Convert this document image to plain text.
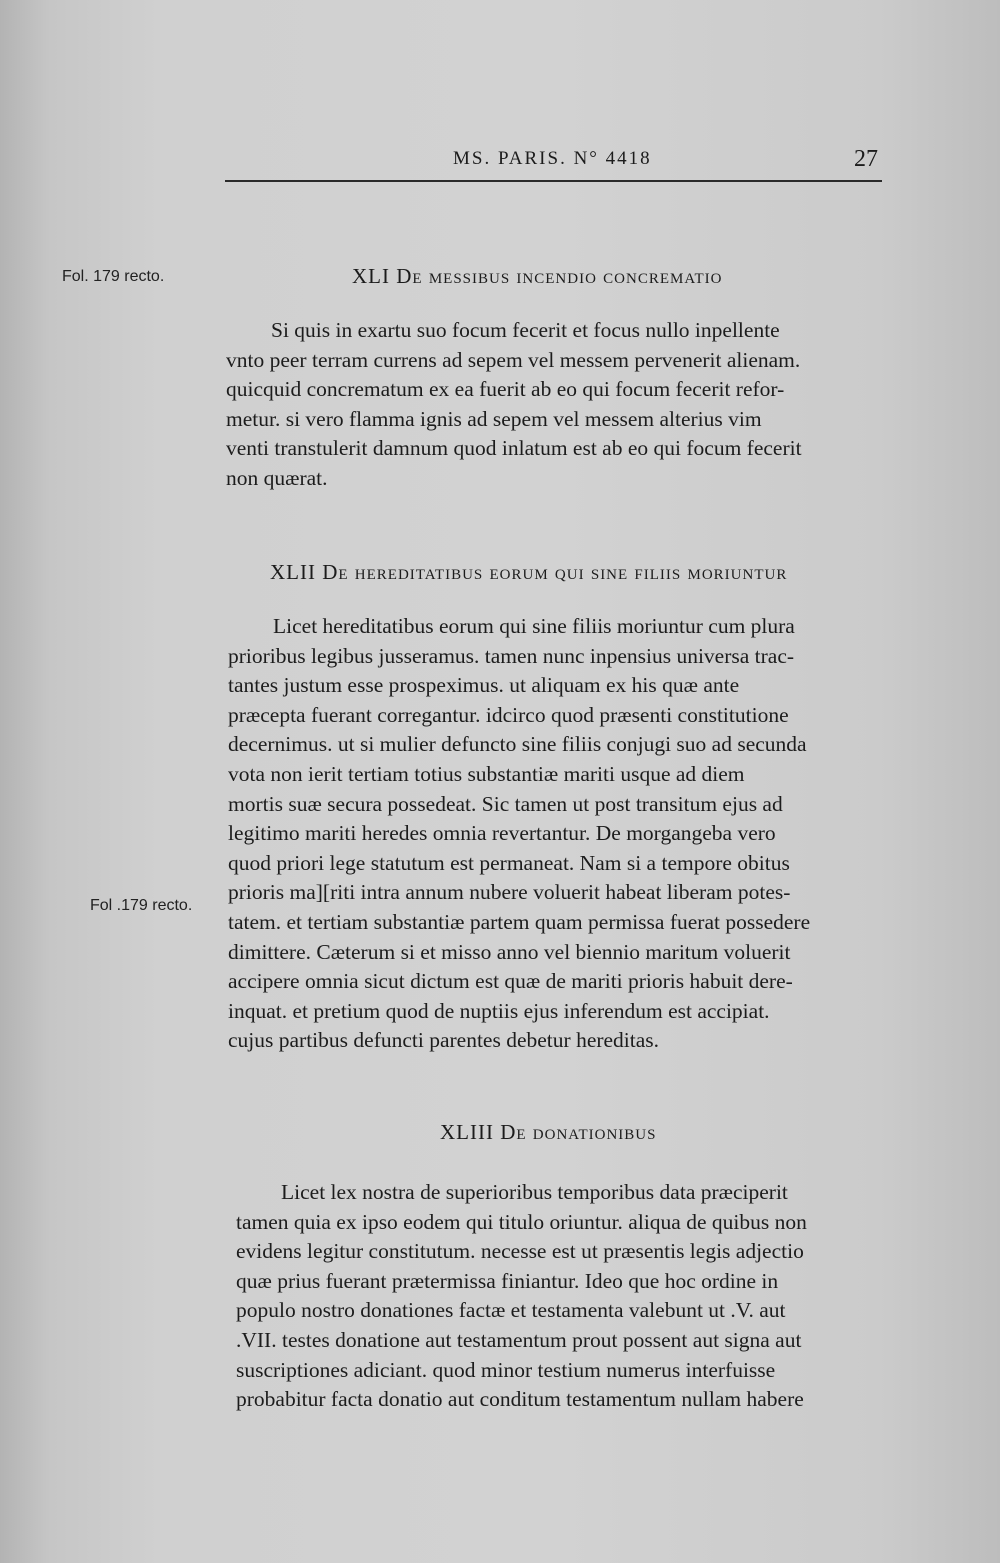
MS. PARIS. N° 4418	27
Fol. 179 recto.	XLI De messibus incendio concrematio

Si quis in exartu suo focum fecerit et focus nullo inpellente
vnto peer terram currens ad sepem vel messem pervenerit alienam.
quicquid concrematum ex ea fuerit ab eo qui focum fecerit refor-
metur. si vero flamma ignis ad sepem vel messem alterius vim
venti transtulerit damnum quod inlatum est ab eo qui focum fecerit
non quærat.

XLII De hereditatibus eorum qui sine filiis moriuntur

Licet hereditatibus eorum qui sine filiis moriuntur cum plura
prioribus legibus jusseramus. tamen nunc inpensius universa trac-
tantes justum esse prospeximus. ut aliquam ex his quæ ante
præcepta fuerant corregantur. idcirco quod præsenti constitutione
decernimus. ut si mulier defuncto sine filiis conjugi suo ad secunda
vota non ierit tertiam totius substantiæ mariti usque ad diem
mortis suæ secura possedeat. Sic tamen ut post transitum ejus ad
legitimo mariti heredes omnia revertantur. De morgangeba vero
quod priori lege statutum est permaneat. Nam si a tempore obitus
prioris ma][riti intra annum nubere voluerit habeat liberam potes-
tatem. et tertiam substantiæ partem quam permissa fuerat possedere
dimittere. Cæterum si et misso anno vel biennio maritum voluerit
accipere omnia sicut dictum est quæ de mariti prioris habuit dere-
inquat. et pretium quod de nuptiis ejus inferendum est accipiat.
cujus partibus defuncti parentes debetur hereditas.

Fol .179 recto.
XLIII De donationibus

Licet lex nostra de superioribus temporibus data præciperit
tamen quia ex ipso eodem qui titulo oriuntur. aliqua de quibus non
evidens legitur constitutum. necesse est ut præsentis legis adjectio
quæ prius fuerant prætermissa finiantur. Ideo que hoc ordine in
populo nostro donationes factæ et testamenta valebunt ut .V. aut
.VII. testes donatione aut testamentum prout possent aut signa aut
suscriptiones adiciant. quod minor testium numerus interfuisse
probabitur facta donatio aut conditum testamentum nullam habere
